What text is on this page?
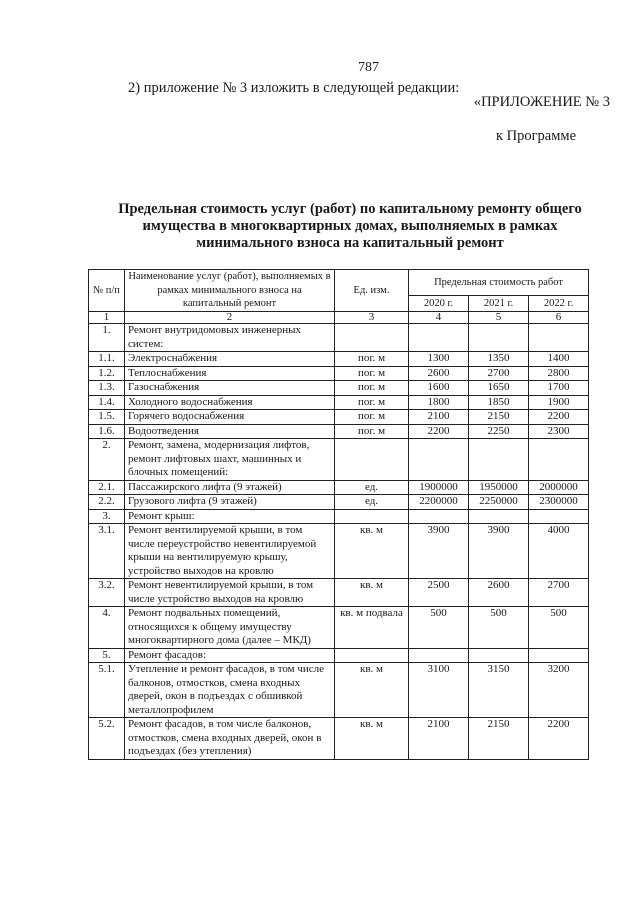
787
2) приложение № 3 изложить в следующей редакции:
«ПРИЛОЖЕНИЕ № 3
к Программе
Предельная стоимость услуг (работ) по капитальному ремонту общего
имущества в многоквартирных домах, выполняемых в рамках
минимального взноса на капитальный ремонт
№ п/п	Наименование услуг (работ), выполняемых в рамках минимального взноса на капитальный ремонт	Ед. изм.	Предельная стоимость работ		
			2020 г.	2021 г.	2022 г.
1	2	3	4	5	6
1.	Ремонт внутридомовых инженерных систем:				
1.1.	Электроснабжения	пог. м	1300	1350	1400
1.2.	Теплоснабжения	пог. м	2600	2700	2800
1.3.	Газоснабжения	пог. м	1600	1650	1700
1.4.	Холодного водоснабжения	пог. м	1800	1850	1900
1.5.	Горячего водоснабжения	пог. м	2100	2150	2200
1.6.	Водоотведения	пог. м	2200	2250	2300
2.	Ремонт, замена, модернизация лифтов, ремонт лифтовых шахт, машинных и блочных помещений:				
2.1.	Пассажирского лифта (9 этажей)	ед.	1900000	1950000	2000000
2.2.	Грузового лифта (9 этажей)	ед.	2200000	2250000	2300000
3.	Ремонт крыш:				
3.1.	Ремонт вентилируемой крыши, в том числе переустройство невентилируемой крыши на вентилируемую крышу, устройство выходов на кровлю	кв. м	3900	3900	4000
3.2.	Ремонт невентилируемой крыши, в том числе устройство выходов на кровлю	кв. м	2500	2600	2700
4.	Ремонт подвальных помещений, относящихся к общему имуществу многоквартирного дома (далее – МКД)	кв. м подвала	500	500	500
5.	Ремонт фасадов:				
5.1.	Утепление и ремонт фасадов, в том числе балконов, отмостков, смена входных дверей, окон в подъездах с обшивкой металлопрофилем	кв. м	3100	3150	3200
5.2.	Ремонт фасадов, в том числе балконов, отмостков, смена входных дверей, окон в подъездах (без утепления)	кв. м	2100	2150	2200
